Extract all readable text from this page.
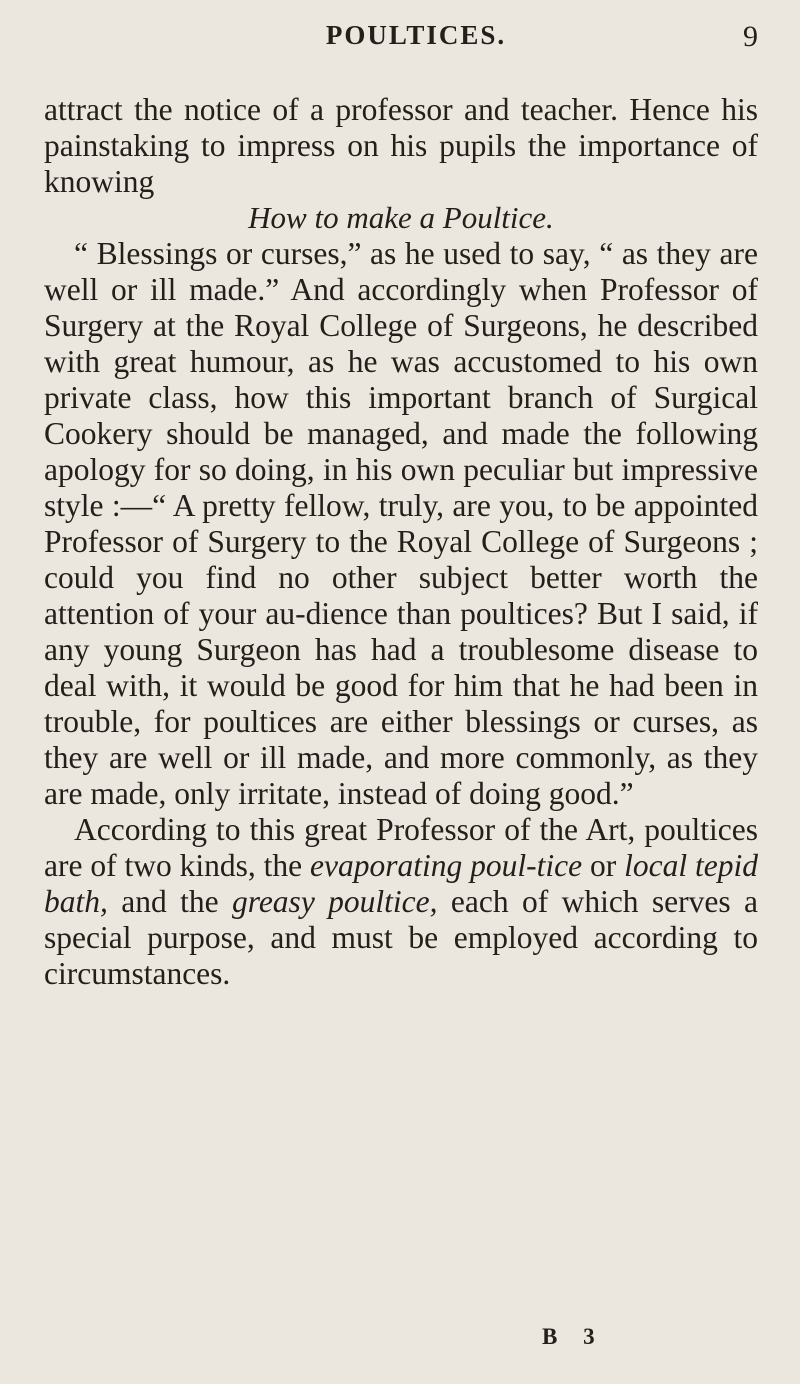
POULTICES.	9

attract the notice of a professor and teacher. Hence his painstaking to impress on his pupils the importance of knowing

How to make a Poultice.

“ Blessings or curses,” as he used to say, “ as they are well or ill made.” And accordingly when Professor of Surgery at the Royal College of Surgeons, he described with great humour, as he was accustomed to his own private class, how this important branch of Surgical Cookery should be managed, and made the following apology for so doing, in his own peculiar but impressive style :—“ A pretty fellow, truly, are you, to be appointed Professor of Surgery to the Royal College of Surgeons ; could you find no other subject better worth the attention of your au-dience than poultices? But I said, if any young Surgeon has had a troublesome disease to deal with, it would be good for him that he had been in trouble, for poultices are either blessings or curses, as they are well or ill made, and more commonly, as they are made, only irritate, instead of doing good.”

According to this great Professor of the Art, poultices are of two kinds, the evaporating poul-tice or local tepid bath, and the greasy poultice, each of which serves a special purpose, and must be employed according to circumstances.

B 3
